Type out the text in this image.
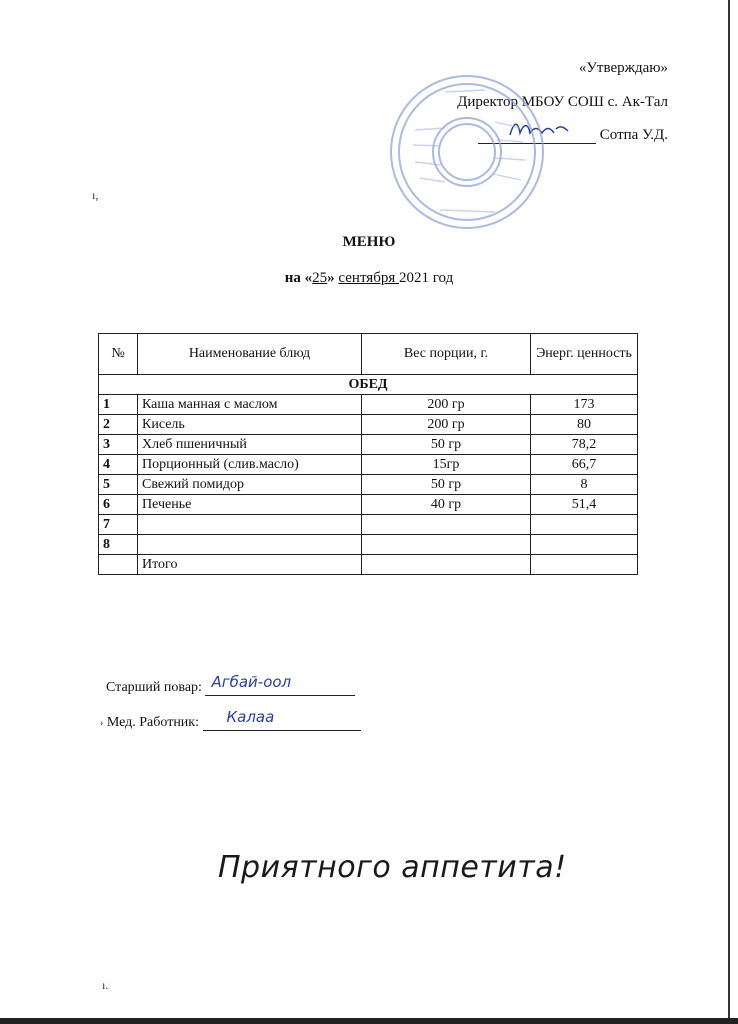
«Утверждаю»
Директор МБОУ СОШ с. Ак-Тал
Сотпа У.Д.
ı,
МЕНЮ
на «25» сентября 2021 год
№	Наименование блюд	Вес порции, г.	Энерг. ценность
ОБЕД			
1	Каша манная с маслом	200 гр	173
2	Кисель	200 гр	80
3	Хлеб пшеничный	50 гр	78,2
4	Порционный (слив.масло)	15гр	66,7
5	Свежий помидор	50 гр	8
6	Печенье	40 гр	51,4
7			
8			
	Итого		
Старший повар: Агбай-оол
› Мед. Работник: Калаа
Приятного аппетита!
ı.
